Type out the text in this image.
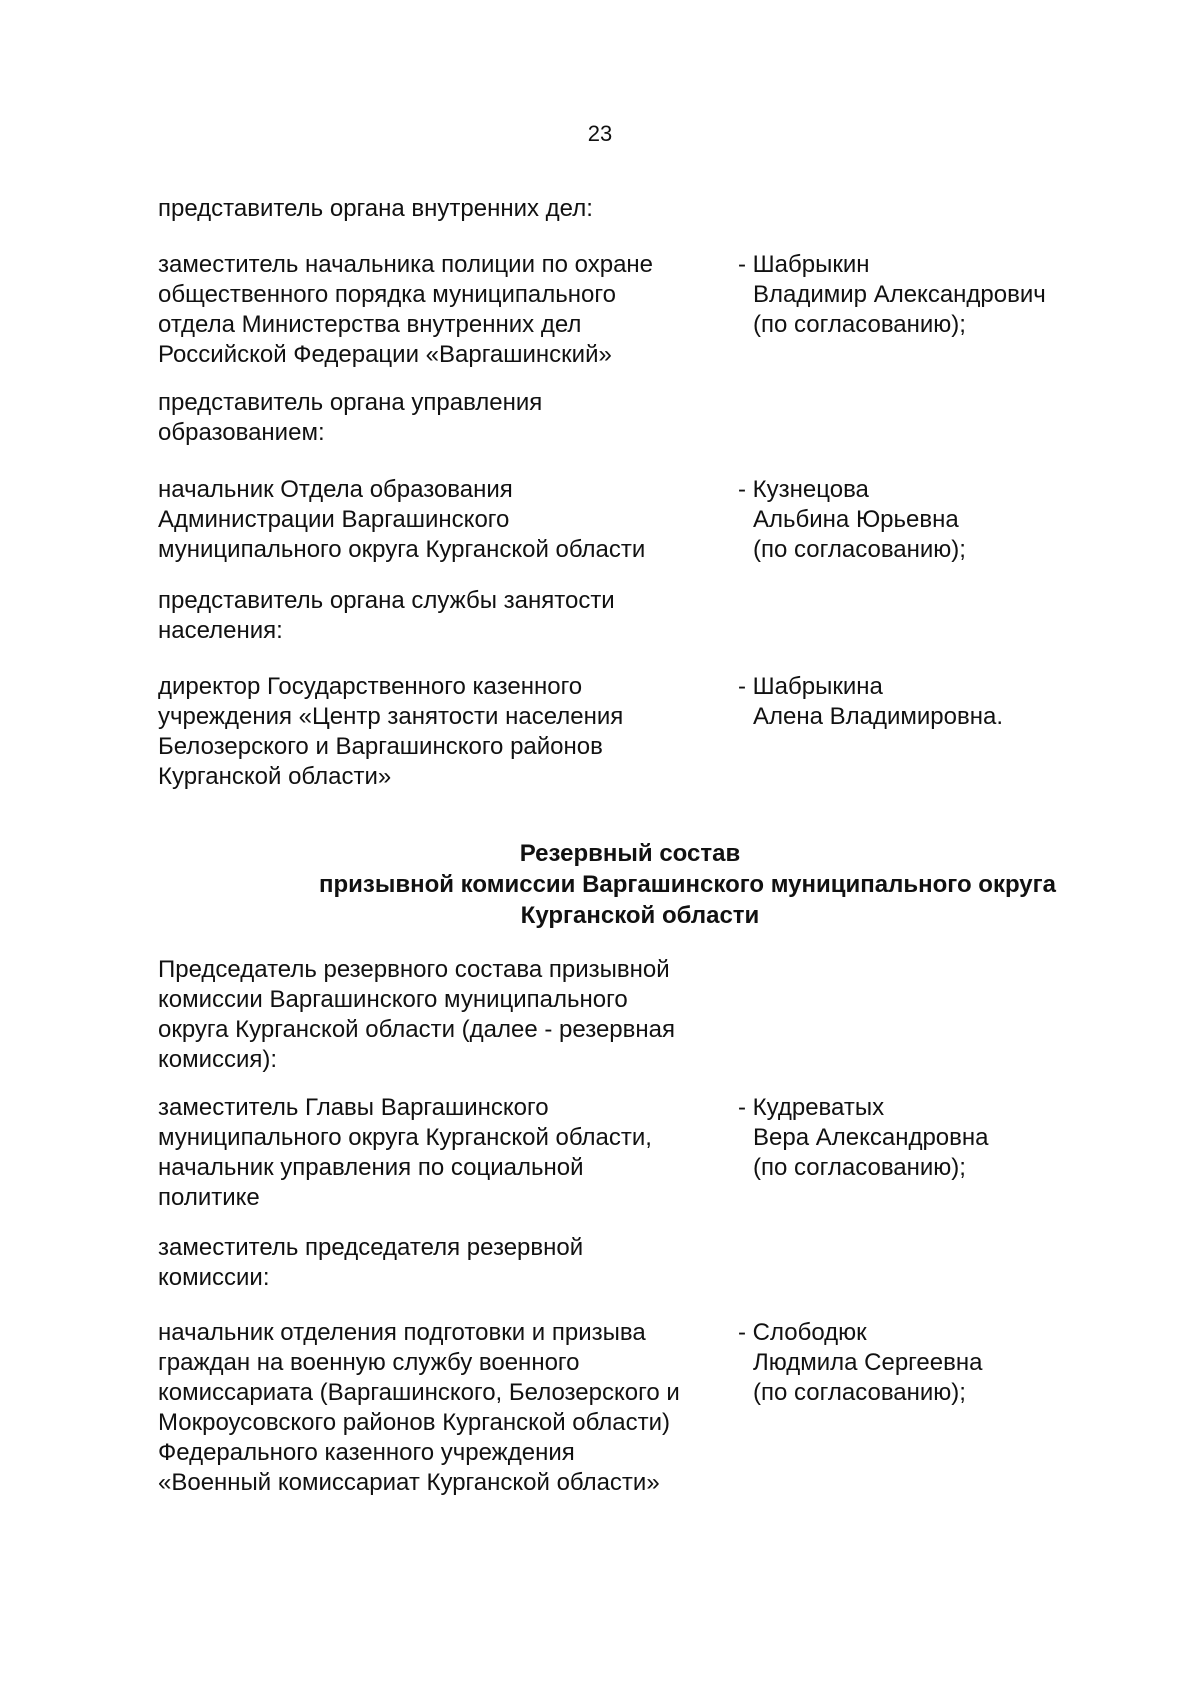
23
представитель органа внутренних дел:
заместитель начальника полиции по охране
общественного порядка муниципального
отдела Министерства внутренних дел
Российской Федерации «Варгашинский»
- Шабрыкин
Владимир Александрович
(по согласованию);
представитель органа управления
образованием:
начальник Отдела образования
Администрации Варгашинского
муниципального округа Курганской области
- Кузнецова
Альбина Юрьевна
(по согласованию);
представитель органа службы занятости
населения:
директор Государственного казенного
учреждения «Центр занятости населения
Белозерского и Варгашинского районов
Курганской области»
- Шабрыкина
Алена Владимировна.
Резервный состав
призывной комиссии Варгашинского муниципального округа
Курганской области
Председатель резервного состава призывной
комиссии Варгашинского муниципального
округа Курганской области (далее - резервная
комиссия):
заместитель Главы Варгашинского
муниципального округа Курганской области,
начальник управления по социальной
политике
- Кудреватых
Вера Александровна
(по согласованию);
заместитель председателя резервной
комиссии:
начальник отделения подготовки и призыва
граждан на военную службу военного
комиссариата (Варгашинского, Белозерского и
Мокроусовского районов Курганской области)
Федерального казенного учреждения
«Военный комиссариат Курганской области»
- Слободюк
Людмила Сергеевна
(по согласованию);
